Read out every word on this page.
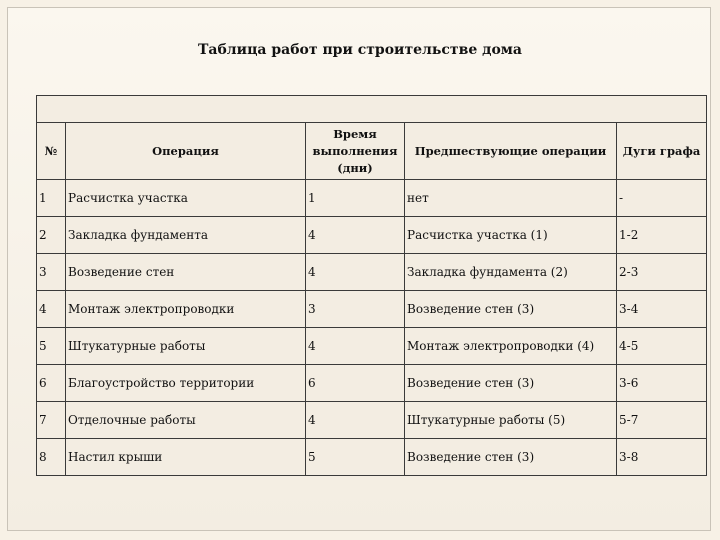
Таблица работ при строительстве дома

№	Операция	Время выполнения (дни)	Предшествующие операции	Дуги графа
1	Расчистка участка	1	нет	-
2	Закладка фундамента	4	Расчистка участка (1)	1-2
3	Возведение стен	4	Закладка фундамента (2)	2-3
4	Монтаж электропроводки	3	Возведение стен (3)	3-4
5	Штукатурные работы	4	Монтаж электропроводки (4)	4-5
6	Благоустройство территории	6	Возведение стен (3)	3-6
7	Отделочные работы	4	Штукатурные работы (5)	5-7
8	Настил крыши	5	Возведение стен (3)	3-8
